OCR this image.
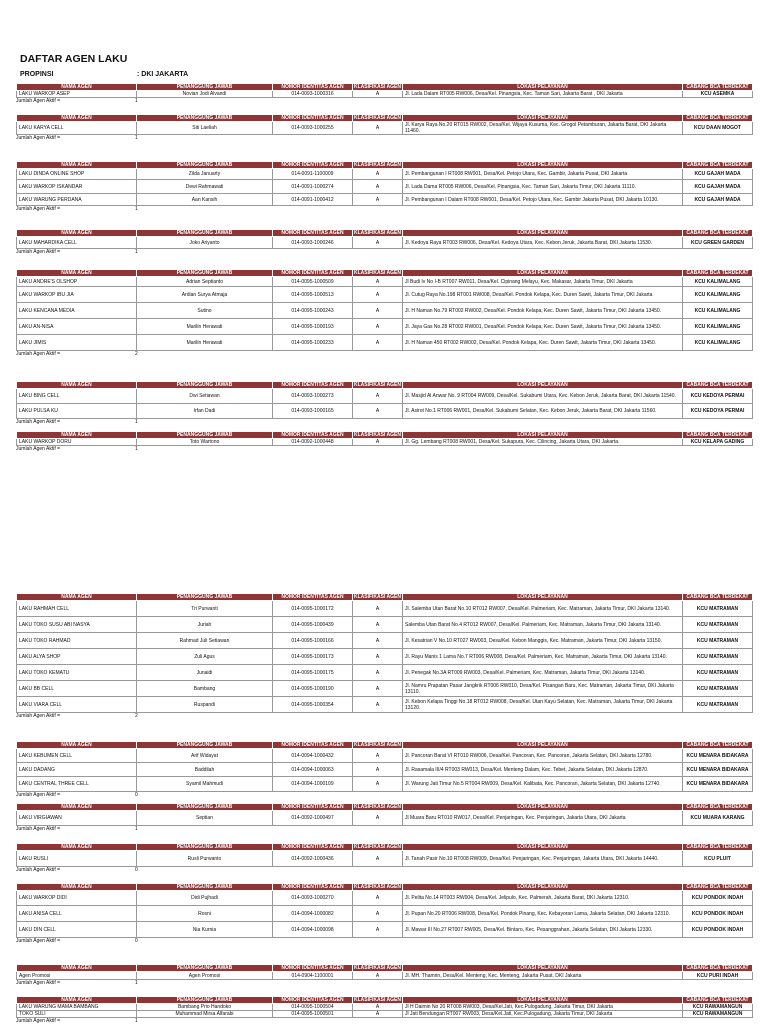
DAFTAR AGEN LAKU
PROPINSI	: DKI JAKARTA
NAMA AGEN	PENANGGUNG JAWAB	NOMOR IDENTITAS AGEN	KLASIFIKASI AGEN	LOKASI PELAYANAN	CABANG BCA TERDEKAT	
LAKU WARKOP ASEP	Novian Jodi Alvandi	014-0093-1000316	A	Jl. Lada Dalam RT005 RW006, Desa/Kel. Pinangsia, Kec. Taman Sari, Jakarta Barat , DKI Jakarta	KCU ASEMKA	
Jumlah Agen Aktif =	1
NAMA AGEN	PENANGGUNG JAWAB	NOMOR IDENTITAS AGEN	KLASIFIKASI AGEN	LOKASI PELAYANAN	CABANG BCA TERDEKAT	
LAKU KARYA CELL	Siti Laeliah	014-0093-1000255	A	Jl. Karya Raya No.20 RT015 RW002, Desa/Kel. Wijaya Kusuma, Kec. Grogol Petamburan, Jakarta Barat, DKI Jakarta 11460.	KCU DAAN MOGOT	
Jumlah Agen Aktif =	1
NAMA AGEN	PENANGGUNG JAWAB	NOMOR IDENTITAS AGEN	KLASIFIKASI AGEN	LOKASI PELAYANAN	CABANG BCA TERDEKAT	
LAKU DINDA ONLINE SHOP	Zilda Januarty	014-0091-1100009	A	Jl. Pembangunan I RT008 RW001, Desa/Kel. Petojo Utara, Kec. Gambir, Jakarta Pusat, DKI Jakarta	KCU GAJAH MADA	
LAKU WARKOP ISKANDAR	Dewi Rahmawati	014-0091-1000274	A	Jl. Lada Dama RT005 RW006, Desa/Kel. Pinangsia, Kec. Taman Sari, Jakarta Timur, DKI Jakarta 11110.	KCU GAJAH MADA	
LAKU WARUNG PERDANA	Aan Kansih	014-0091-1000412	A	Jl. Pembangunan I Dalam RT008 RW001, Desa/Kel. Petojo Utara, Kec. Gambir Jakarta Pusat, DKI Jakarta 10130.	KCU GAJAH MADA	
Jumlah Agen Aktif =	1
NAMA AGEN	PENANGGUNG JAWAB	NOMOR IDENTITAS AGEN	KLASIFIKASI AGEN	LOKASI PELAYANAN	CABANG BCA TERDEKAT	
LAKU MAHARDIKA CELL	Joko Ariyanto	014-0093-1000246	A	Jl. Kedoya Raya RT003 RW006, Desa/Kel. Kedoya Utara, Kec. Kebon Jeruk, Jakarta Barat, DKI Jakarta 11530.	KCU GREEN GARDEN	
Jumlah Agen Aktif =	1
NAMA AGEN	PENANGGUNG JAWAB	NOMOR IDENTITAS AGEN	KLASIFIKASI AGEN	LOKASI PELAYANAN	CABANG BCA TERDEKAT	
LAKU ANDRE'S OLSHOP	Adrian Septianto	014-0095-1000509	A	Jl Budi Iv No I-B RT007 RW011, Desa/Kel. Cipinang Melayu, Kec. Makasar, Jakarta Timur, DKI Jakarta	KCU KALIMALANG	
LAKU WARKOP IBU JIA	Ardian Surya Atmaja	014-0095-1000513	A	Jl. Cutug Raya No.198 RT001 RW008, Desa/Kel. Pondok Kelapa, Kec. Duren Sawit, Jakarta Timur, DKI Jakarta	KCU KALIMALANG	
LAKU KENCANA MEDIA	Sutino	014-0095-1000243	A	Jl. H Naman No.79 RT002 RW002, Desa/Kel. Pondok Kelapa, Kec. Duren Sawit, Jakarta Timur, DKI Jakarta 13450.	KCU KALIMALANG	
LAKU AN-NISA	Marilin Herawati	014-0095-1000193	A	Jl. Jaya Gas No.28 RT002 RW001, Desa/Kel. Pondok Kelapa, Kec. Duren Sawit, Jakarta Timur, DKI Jakarta 13450.	KCU KALIMALANG	
LAKU JIMIS	Marilin Herawati	014-0095-1000233	A	Jl. H Naman 450 RT002 RW002, Desa/Kel. Pondok Kelapa, Kec. Duren Sawit, Jakarta Timur, DKI Jakarta 13450.	KCU KALIMALANG	
Jumlah Agen Aktif =	2
NAMA AGEN	PENANGGUNG JAWAB	NOMOR IDENTITAS AGEN	KLASIFIKASI AGEN	LOKASI PELAYANAN	CABANG BCA TERDEKAT	
LAKU BING CELL	Dwi Setiawan	014-0093-1000273	A	Jl. Masjid Al Anwar No. 9 RT004 RW009, Desa/Kel. Sukabumi Utara, Kec. Kebon Jeruk, Jakarta Barat, DKI Jakarta 11540.	KCU KEDOYA PERMAI	
LAKU PULSA KU	Irfan Dadi	014-0093-1000165	A	Jl. Asirot No.1 RT006 RW001, Desa/Kel. Sukabumi Selatan, Kec. Kebon Jeruk, Jakarta Barat, DKI Jakarta 11560.	KCU KEDOYA PERMAI	
Jumlah Agen Aktif =	1
NAMA AGEN	PENANGGUNG JAWAB	NOMOR IDENTITAS AGEN	KLASIFIKASI AGEN	LOKASI PELAYANAN	CABANG BCA TERDEKAT	
LAKU WARKOP DORU	Toto Wartono	014-0092-1000448	A	Jl. Gg. Lembang RT008 RW001, Desa/Kel. Sukapura, Kec. Cilincing, Jakarta Utara, DKI Jakarta.	KCU KELAPA GADING	
Jumlah Agen Aktif =	1
NAMA AGEN	PENANGGUNG JAWAB	NOMOR IDENTITAS AGEN	KLASIFIKASI AGEN	LOKASI PELAYANAN	CABANG BCA TERDEKAT	
LAKU RAHMAH CELL	Tri Purwanti	014-0095-1000172	A	Jl. Salemba Utan Barat No.10 RT012 RW007, Desa/Kel. Palmeriam, Kec. Matraman, Jakarta Timur, DKI Jakarta 13140.	KCU MATRAMAN	
LAKU TOKO SUSU ABI NASYA	Juriah	014-0095-1000439	A	Salemba Utan Barat No.4 RT012 RW007, Desa/Kel. Palmeriam, Kec. Matraman, Jakarta Timur, DKI Jakarta 13140.	KCU MATRAMAN	
LAKU TOKO RAHMAD	Rahmad Juli Setiawan	014-0095-1000166	A	Jl. Kesatrian V No.10 RT027 RW003, Desa/Kel. Kebon Manggis, Kec. Matraman, Jakarta Timur, DKI Jakarta 13150.	KCU MATRAMAN	
LAKU ALYA SHOP	Zuli Agus	014-0095-1000173	A	Jl. Rayu Manis 1 Lama No.7 RT006 RW008, Desa/Kel. Palmeriam, Kec. Matraman, Jakarta Timur, DKI Jakarta 13140.	KCU MATRAMAN	
LAKU TOKO KEMATU	Junaidi	014-0095-1000175	A	Jl. Penegak No.3A RT009 RW003, Desa/Kel. Palmeriam, Kec. Matraman, Jakarta Timur, DKI Jakarta 13140.	KCU MATRAMAN	
LAKU BB CELL	Bambang	014-0095-1000190	A	Jl. Namru Prapatan Pasar Jangkrik RT006 RW010, Desa/Kel. Pisangan Baru, Kec. Matraman, Jakarta Timur, DKI Jakarta 13110.	KCU MATRAMAN	
LAKU VIARA CELL	Ruspandi	014-0095-1000354	A	Jl. Kebon Kelapa Tinggi No.18 RT012 RW008, Desa/Kel. Utan Kayu Selatan, Kec. Matraman, Jakarta Timur, DKI Jakarta 13120.	KCU MATRAMAN	
Jumlah Agen Aktif =	2
NAMA AGEN	PENANGGUNG JAWAB	NOMOR IDENTITAS AGEN	KLASIFIKASI AGEN	LOKASI PELAYANAN	CABANG BCA TERDEKAT	
LAKU KEBUMEN CELL	Arif Widayat	014-0094-1000432	A	Jl. Pancoran Barat VI RT010 RW006, Desa/Kel. Pancoran, Kec. Pancoran, Jakarta Selatan, DKI Jakarta 12780.	KCU MENARA BIDAKARA	
LAKU DADANG	Baddilah	014-0094-1000063	A	Jl. Rasamala III/4 RT003 RW013, Desa/Kel. Menteng Dalam, Kec. Tebet, Jakarta Selatan, DKI Jakarta 12870.	KCU MENARA BIDAKARA	
LAKU CENTRAL THREE CELL	Syamil Mahmudi	014-0094-1000109	A	Jl. Warung Jati Timur No.5 RT004 RW009, Desa/Kel. Kalibata, Kec. Pancoran, Jakarta Selatan, DKI Jakarta 12740.	KCU MENARA BIDAKARA	
Jumlah Agen Aktif =	0
NAMA AGEN	PENANGGUNG JAWAB	NOMOR IDENTITAS AGEN	KLASIFIKASI AGEN	LOKASI PELAYANAN	CABANG BCA TERDEKAT	
LAKU VIRGIAWAN	Septian	014-0092-1000497	A	Jl Muara Baru RT010 RW017, Desa/Kel. Penjaringan, Kec. Penjaringan, Jakarta Utara, DKI Jakarta	KCU MUARA KARANG	
Jumlah Agen Aktif =	1
NAMA AGEN	PENANGGUNG JAWAB	NOMOR IDENTITAS AGEN	KLASIFIKASI AGEN	LOKASI PELAYANAN	CABANG BCA TERDEKAT	
LAKU RUSLI	Rusli Purwanto	014-0092-1000436	A	Jl. Tanah Pasir No.10 RT008 RW009, Desa/Kel. Penjaringan, Kec. Penjaringan, Jakarta Utara, DKI Jakarta 14440.	KCU PLUIT	
Jumlah Agen Aktif =	0
NAMA AGEN	PENANGGUNG JAWAB	NOMOR IDENTITAS AGEN	KLASIFIKASI AGEN	LOKASI PELAYANAN	CABANG BCA TERDEKAT	
LAKU WARKOP DIDI	Didi Pujhadi	014-0093-1000270	A	Jl. Pelita No.14 RT003 RW004, Desa/Kel. Jelipulo, Kec. Palmerah, Jakarta Barat, DKI Jakarta 12310.	KCU PONDOK INDAH	
LAKU ANISA CELL	Rosni	014-0094-1000082	A	Jl. Pupan No.20 RT006 RW008, Desa/Kel. Pondok Pinang, Kec. Kebayoran Lama, Jakarta Selatan, DKI Jakarta 12310.	KCU PONDOK INDAH	
LAKU DIN CELL	Nia Kurnia	014-0094-1000098	A	Jl. Mawar III No.27 RT007 RW005, Desa/Kel. Bintaro, Kec. Pesanggrahan, Jakarta Selatan, DKI Jakarta 12330.	KCU PONDOK INDAH	
Jumlah Agen Aktif =	0
NAMA AGEN	PENANGGUNG JAWAB	NOMOR IDENTITAS AGEN	KLASIFIKASI AGEN	LOKASI PELAYANAN	CABANG BCA TERDEKAT	
Agen Promosi	Agen Promosi	014-0904-1100001	A	Jl. MH. Thamrin, Desa/Kel. Menteng, Kec. Menteng, Jakarta Pusat, DKI Jakarta	KCU PURI INDAH	
Jumlah Agen Aktif =	1
NAMA AGEN	PENANGGUNG JAWAB	NOMOR IDENTITAS AGEN	KLASIFIKASI AGEN	LOKASI PELAYANAN	CABANG BCA TERDEKAT	
LAKU WARUNG MAMA BAMBANG	Bambang Prio Handoko	014-0095-1000504	A	Jl H Daimin No 20 RT008 RW003, Desa/Kel.Jati, Kec.Pulogadung, Jakarta Timur, DKI Jakarta	KCU RAWAMANGUN	
TOKO SULI	Muhammad Mirsa Alfarabi	014-0095-1000501	A	Jl Jati Bendungan RT007 RW003, Desa/Kel.Jati, Kec.Pulogadung, Jakarta Timur, DKI Jakarta	KCU RAWAMANGUN	
Jumlah Agen Aktif =	1
